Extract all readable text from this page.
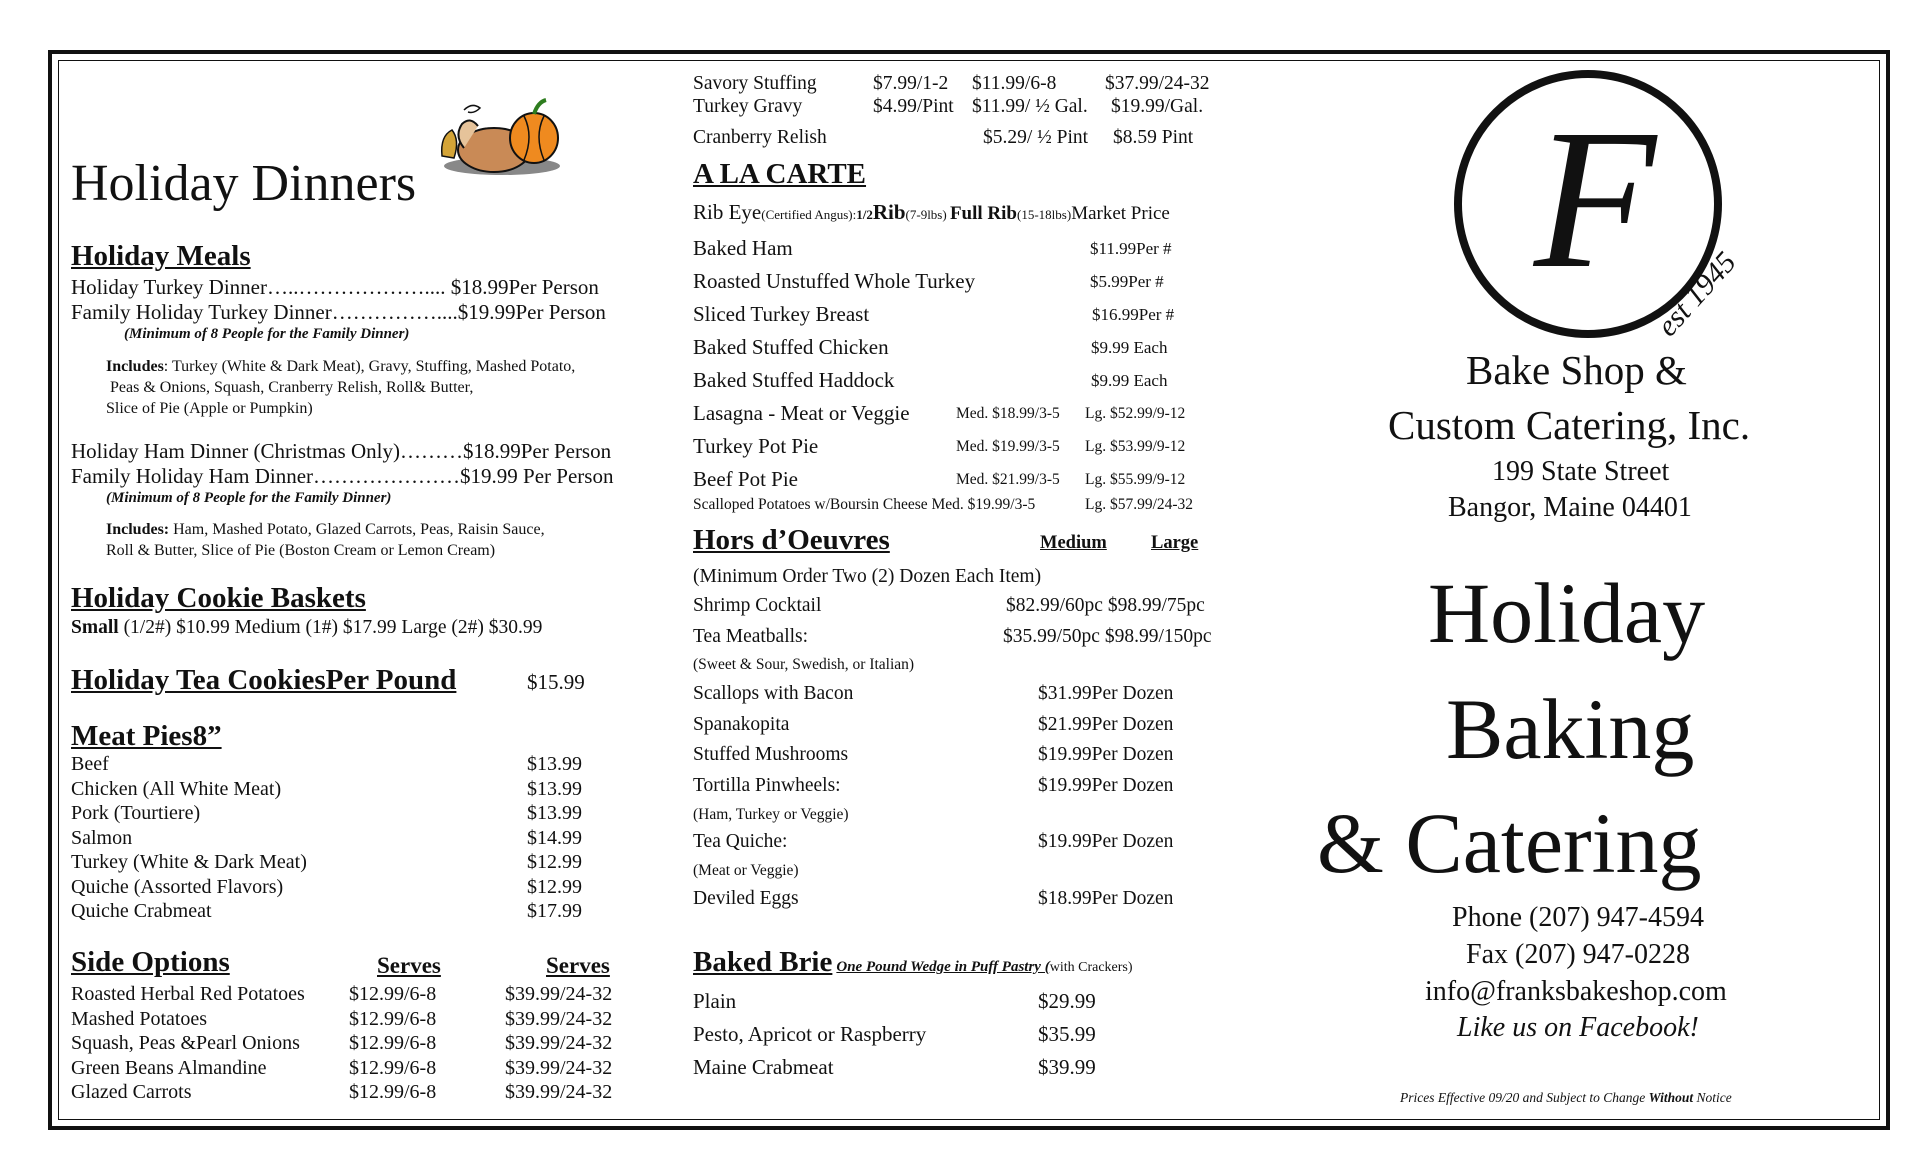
Holiday Dinners
Holiday Meals
Holiday Turkey Dinner…..……………….... $18.99Per Person
Family Holiday Turkey Dinner……………....$19.99Per Person
(Minimum of 8 People for the Family Dinner)
Includes: Turkey (White & Dark Meat), Gravy, Stuffing, Mashed Potato,
Peas & Onions, Squash, Cranberry Relish, Roll& Butter,
Slice of Pie (Apple or Pumpkin)
Holiday Ham Dinner (Christmas Only)………$18.99Per Person
Family Holiday Ham Dinner…………………$19.99 Per Person
(Minimum of 8 People for the Family Dinner)
Includes: Ham, Mashed Potato, Glazed Carrots, Peas, Raisin Sauce,
Roll & Butter, Slice of Pie (Boston Cream or Lemon Cream)
Holiday Cookie Baskets
Small (1/2#) $10.99 Medium (1#) $17.99 Large (2#) $30.99
Holiday Tea CookiesPer Pound	$15.99
Meat Pies8”
Beef	$13.99
Chicken (All White Meat)	$13.99
Pork (Tourtiere)	$13.99
Salmon	$14.99
Turkey (White & Dark Meat)	$12.99
Quiche (Assorted Flavors)	$12.99
Quiche Crabmeat	$17.99
Side Options	Serves	Serves
Roasted Herbal Red Potatoes $12.99/6-8	$39.99/24-32
Mashed Potatoes	$12.99/6-8	$39.99/24-32
Squash, Peas &Pearl Onions $12.99/6-8	$39.99/24-32
Green Beans Almandine	$12.99/6-8	$39.99/24-32
Glazed Carrots	$12.99/6-8	$39.99/24-32
Savory Stuffing	$7.99/1-2 $11.99/6-8 $37.99/24-32
Turkey Gravy	$4.99/Pint $11.99/ ½ Gal. $19.99/Gal.
Cranberry Relish	$5.29/ ½ Pint $8.59 Pint
A LA CARTE
Rib Eye(Certified Angus):1/2Rib(7-9lbs) Full Rib(15-18lbs)Market Price
Baked Ham	$11.99Per #
Roasted Unstuffed Whole Turkey	$5.99Per #
Sliced Turkey Breast	$16.99Per #
Baked Stuffed Chicken	$9.99 Each
Baked Stuffed Haddock	$9.99 Each
Lasagna - Meat or Veggie	Med. $18.99/3-5 Lg. $52.99/9-12
Turkey Pot Pie	Med. $19.99/3-5 Lg. $53.99/9-12
Beef Pot Pie	Med. $21.99/3-5 Lg. $55.99/9-12
Scalloped Potatoes w/Boursin Cheese Med. $19.99/3-5	Lg. $57.99/24-32
Hors d’Oeuvres	Medium Large
(Minimum Order Two (2) Dozen Each Item)
Shrimp Cocktail	$82.99/60pc $98.99/75pc
Tea Meatballs:	$35.99/50pc $98.99/150pc
(Sweet & Sour, Swedish, or Italian)
Scallops with Bacon	$31.99Per Dozen
Spanakopita	$21.99Per Dozen
Stuffed Mushrooms	$19.99Per Dozen
Tortilla Pinwheels:	$19.99Per Dozen
(Ham, Turkey or Veggie)
Tea Quiche:	$19.99Per Dozen
(Meat or Veggie)
Deviled Eggs	$18.99Per Dozen
Baked Brie One Pound Wedge in Puff Pastry (with Crackers)
Plain	$29.99
Pesto, Apricot or Raspberry	$35.99
Maine Crabmeat	$39.99
F
est 1945
Bake Shop &
Custom Catering, Inc.
199 State Street
Bangor, Maine 04401
Holiday
Baking
& Catering
Phone (207) 947-4594
Fax (207) 947-0228
info@franksbakeshop.com
Like us on Facebook!
Prices Effective 09/20 and Subject to Change Without Notice
